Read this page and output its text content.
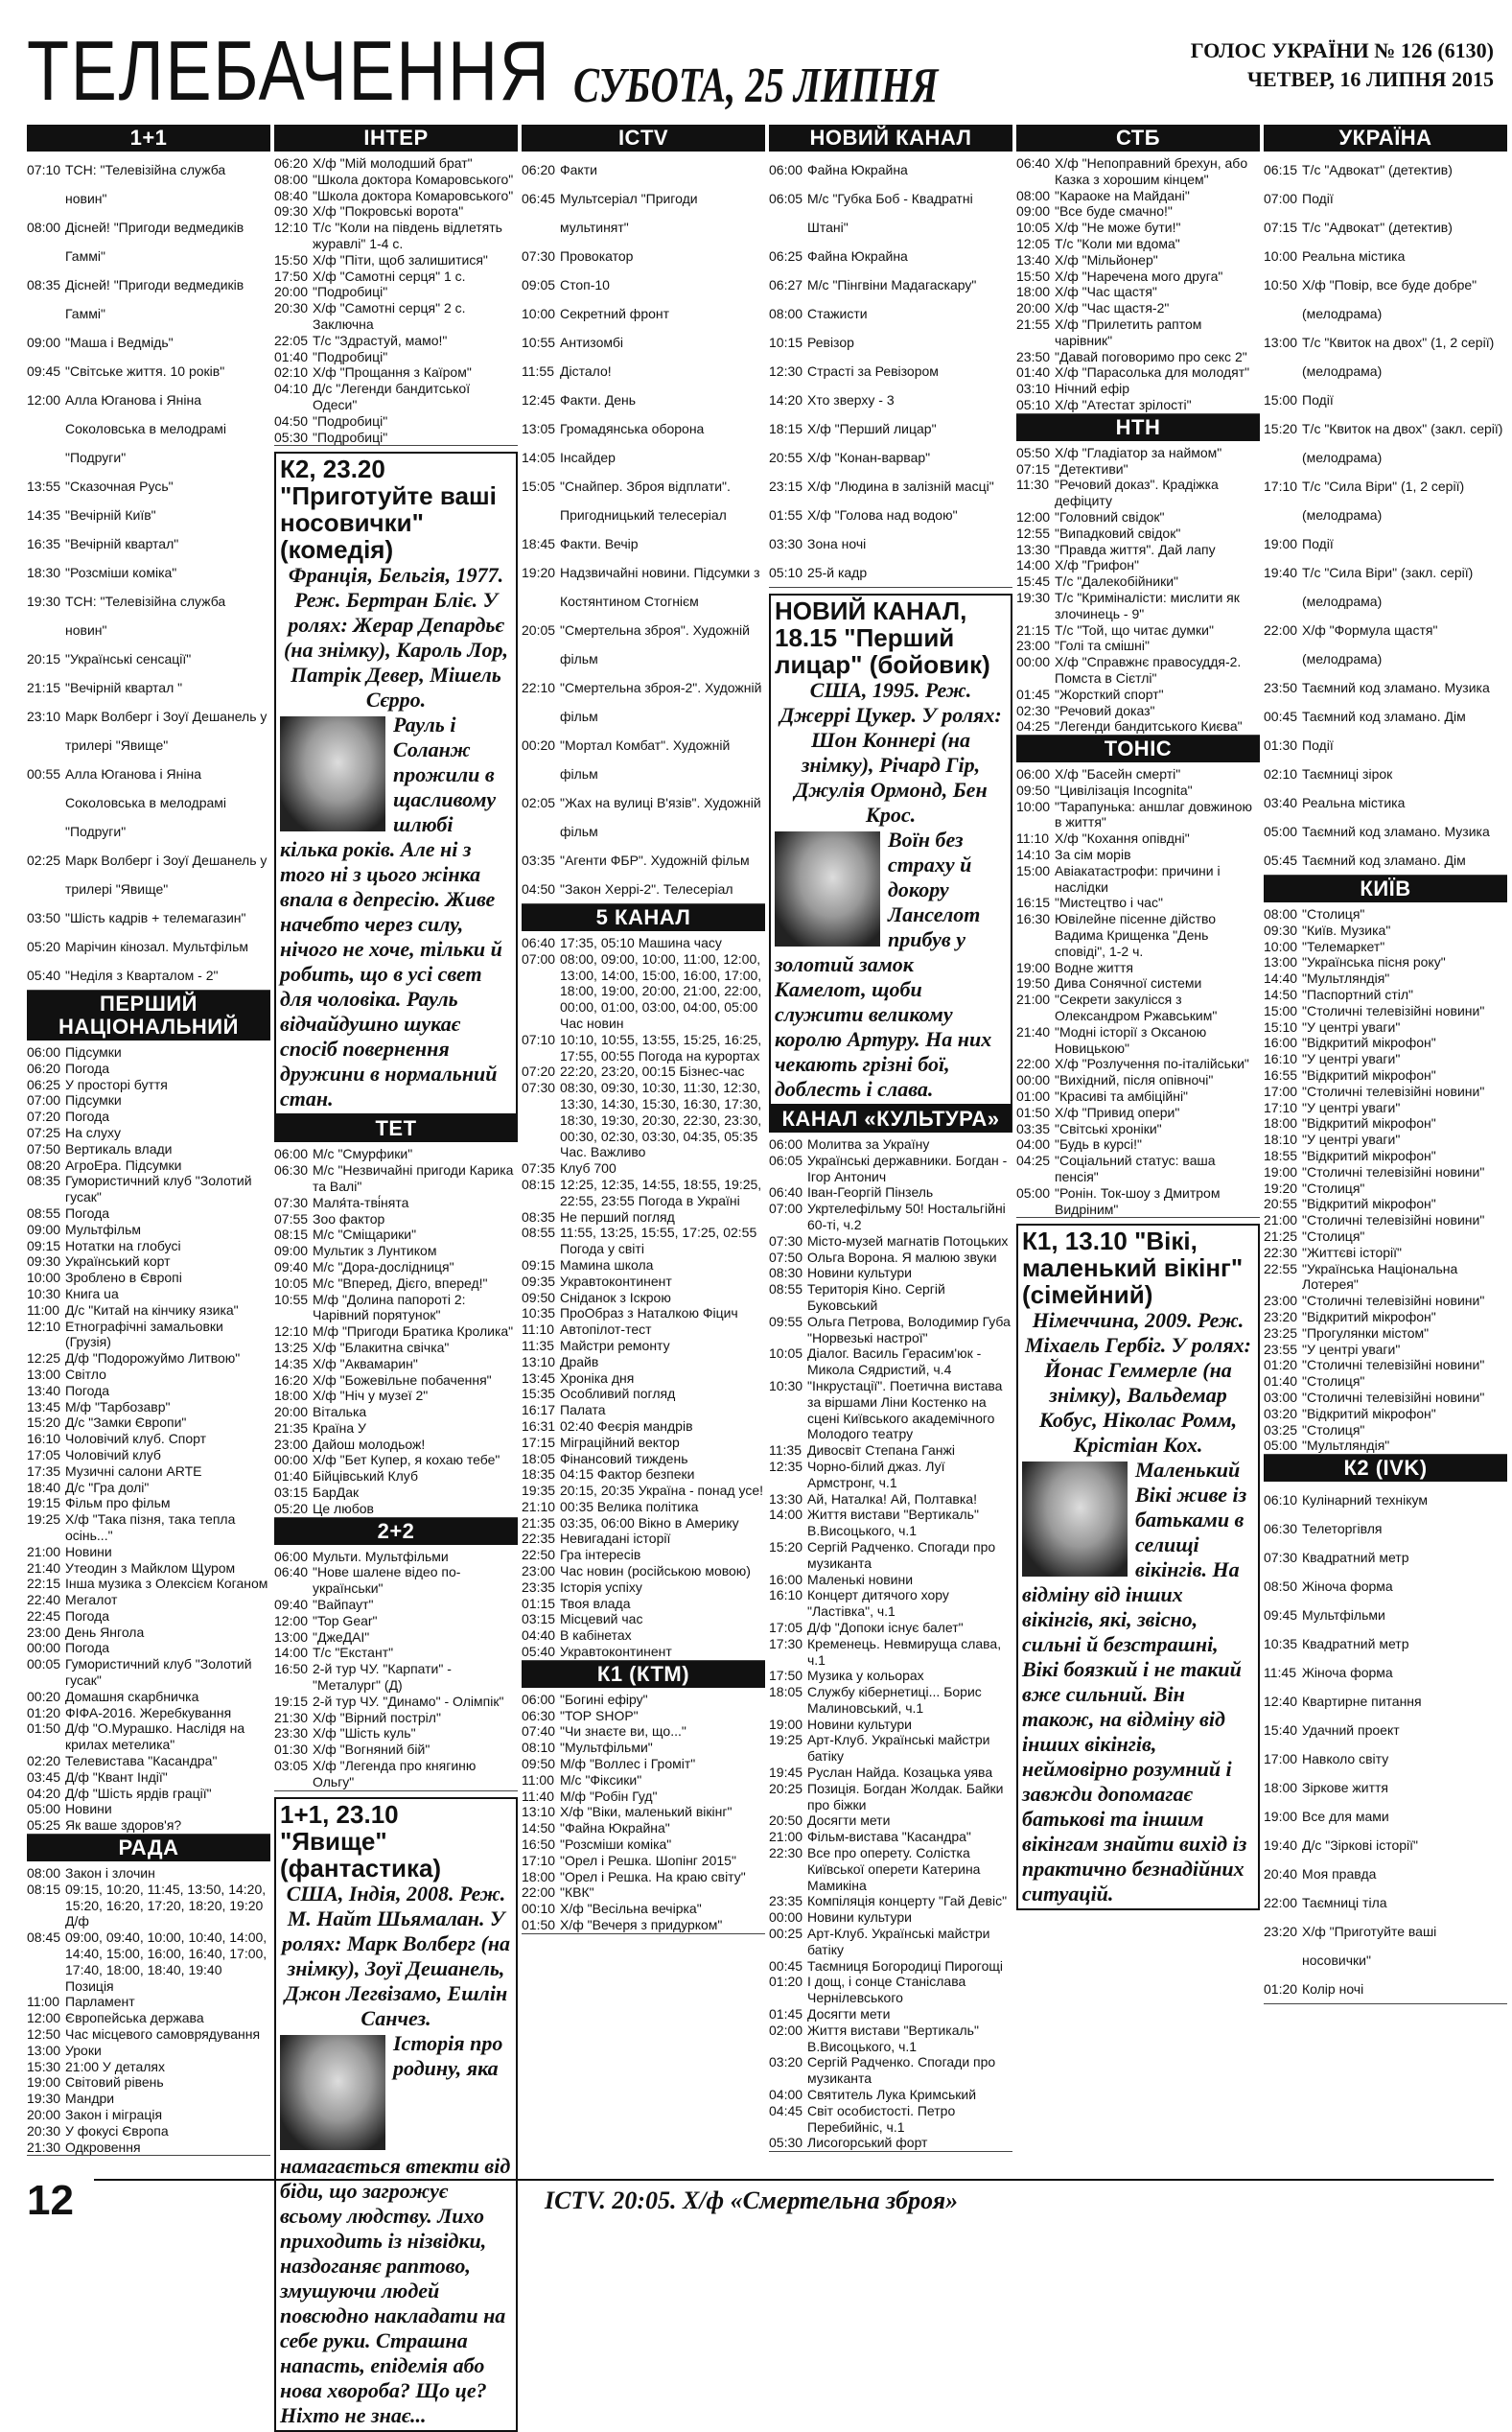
ТЕЛЕБАЧЕННЯ СУБОТА, 25 ЛИПНЯ
ГОЛОС УКРАЇНИ № 126 (6130)
ЧЕТВЕР, 16 ЛИПНЯ 2015
1+1
07:10 ТСН: "Телевізійна служба новин"
08:00 Дісней! "Пригоди ведмедиків Гаммі"
08:35 Дісней! "Пригоди ведмедиків Гаммі"
09:00 "Маша і Ведмідь"
09:45 "Світське життя. 10 років"
12:00 Алла Юганова і Яніна Соколовська в мелодрамі "Подруги"
13:55 "Сказочная Русь"
14:35 "Вечірній Київ"
16:35 "Вечірній квартал"
18:30 "Розсміши коміка"
19:30 ТСН: "Телевізійна служба новин"
20:15 "Українські сенсації"
21:15 "Вечірній квартал "
23:10 Марк Волберг і Зоуї Дешанель у трилері "Явище"
00:55 Алла Юганова і Яніна Соколовська в мелодрамі "Подруги"
02:25 Марк Волберг і Зоуї Дешанель у трилері "Явище"
03:50 "Шість кадрів + телемагазин"
05:20 Марічин кінозал. Мультфільм
05:40 "Неділя з Кварталом - 2"
ПЕРШИЙ НАЦІОНАЛЬНИЙ
06:00 Підсумки
06:20 Погода
06:25 У просторі буття
07:00 Підсумки
07:20 Погода
07:25 На слуху
07:50 Вертикаль влади
08:20 АгроЕра. Підсумки
08:35 Гумористичний клуб "Золотий гусак"
08:55 Погода
09:00 Мультфільм
09:15 Нотатки на глобусі
09:30 Український корт
10:00 Зроблено в Європі
10:30 Книга ua
11:00 Д/с "Китай на кінчику язика"
12:10 Етнографічні замальовки (Грузія)
12:25 Д/ф "Подорожуймо Литвою"
13:00 Світло
13:40 Погода
13:45 М/ф "Тарбозавр"
15:20 Д/с "Замки Європи"
16:10 Чоловічий клуб. Спорт
17:05 Чоловічий клуб
17:35 Музичні салони ARTE
18:40 Д/с "Гра долі"
19:15 Фільм про фільм
19:25 Х/ф "Така пізня, така тепла осінь..."
21:00 Новини
21:40 Утеодин з Майклом Щуром
22:15 Інша музика з Олексієм Коганом
22:40 Мегалот
22:45 Погода
23:00 День Янгола
00:00 Погода
00:05 Гумористичний клуб "Золотий гусак"
00:20 Домашня скарбничка
01:20 ФІФА-2016. Жеребкування
01:50 Д/ф "О.Мурашко. Наслідя на крилах метелика"
02:20 Телевистава "Касандра"
03:45 Д/ф "Квант Індії"
04:20 Д/ф "Шість ярдів грації"
05:00 Новини
05:25 Як ваше здоров'я?
РАДА
08:00 Закон і злочин
08:15 09:15, 10:20, 11:45, 13:50, 14:20, 15:20, 16:20, 17:20, 18:20, 19:20 Д/ф
08:45 09:00, 09:40, 10:00, 10:40, 14:00, 14:40, 15:00, 16:00, 16:40, 17:00, 17:40, 18:00, 18:40, 19:40 Позиція
11:00 Парламент
12:00 Європейська держава
12:50 Час місцевого самоврядування
13:00 Уроки
15:30 21:00 У деталях
19:00 Світовий рівень
19:30 Мандри
20:00 Закон і міграція
20:30 У фокусі Європа
21:30 Одкровення
ІНТЕР
06:20 Х/ф "Мій молодший брат"
08:00 "Школа доктора Комаровського"
08:40 "Школа доктора Комаровського"
09:30 Х/ф "Покровські ворота"
12:10 Т/с "Коли на південь відлетять журавлі" 1-4 с.
15:50 Х/ф "Піти, щоб залишитися"
17:50 Х/ф "Самотні серця" 1 с.
20:00 "Подробиці"
20:30 Х/ф "Самотні серця" 2 с. Заключна
22:05 Т/с "Здрастуй, мамо!"
01:40 "Подробиці"
02:10 Х/ф "Прощання з Каїром"
04:10 Д/с "Легенди бандитської Одеси"
04:50 "Подробиці"
05:30 "Подробиці"
К2, 23.20 "Приготуйте ваші носовички" (комедія)
Франція, Бельгія, 1977. Реж. Бертран Бліє. У ролях: Жерар Депардьє (на знімку), Кароль Лор, Патрік Девер, Мішель Сєрро.
Рауль і Соланж прожили в щасливому шлюбі кілька років. Але ні з того ні з цього жінка впала в депресію. Живе начебто через силу, нічого не хоче, тільки й робить, що в усі свет для чоловіка. Рауль відчайдушно шукає спосіб повернення дружини в нормальний стан.
ТЕТ
06:00 М/с "Смурфики"
06:30 М/с "Незвичайні пригоди Карика та Валі"
07:30 Маля́та-тві́нята
07:55 Зоо фактор
08:15 М/с "Сміщарики"
09:00 Мультик з Лунтиком
09:40 М/с "Дора-дослідниця"
10:05 М/с "Вперед, Дієго, вперед!"
10:55 М/ф "Долина папороті 2: Чарівний порятунок"
12:10 М/ф "Пригоди Братика Кролика"
13:25 Х/ф "Блакитна свічка"
14:35 Х/ф "Аквамарин"
16:20 Х/ф "Божевільне побачення"
18:00 Х/ф "Ніч у музеї 2"
20:00 Віталька
21:35 Країна У
23:00 Дайош молодьож!
00:00 Х/ф "Бет Купер, я кохаю тебе"
01:40 Бійцівський Клуб
03:15 БарДак
05:20 Це любов
2+2
06:00 Мульти. Мультфільми
06:40 "Нове шалене відео по-українськи"
09:40 "Вайпаут"
12:00 "Top Gear"
13:00 "ДжеДАІ"
14:00 Т/с "Екстант"
16:50 2-й тур ЧУ. "Карпати" - "Металург" (Д)
19:15 2-й тур ЧУ. "Динамо" - Олімпік"
21:30 Х/ф "Вірний постріл"
23:30 Х/ф "Шість куль"
01:30 Х/ф "Вогняний бій"
03:05 Х/ф "Легенда про княгиню Ольгу"
1+1, 23.10 "Явище" (фантастика)
США, Індія, 2008. Реж. М. Найт Шьямалан. У ролях: Марк Волберг (на знімку), Зоуї Дешанель, Джон Легвізамо, Ешлін Санчез.
Історія про родину, яка намагається втекти від біди, що загрожує всьому людству. Лихо приходить із нізвідки, наздоганяє раптово, змушуючи людей повсюдно накладати на себе руки. Страшна напасть, епідемія або нова хвороба? Що це? Ніхто не знає...
ICTV
06:20 Факти
06:45 Мультсеріал "Пригоди мультинят"
07:30 Провокатор
09:05 Стоп-10
10:00 Секретний фронт
10:55 Антизомбі
11:55 Дістало!
12:45 Факти. День
13:05 Громадянська оборона
14:05 Інсайдер
15:05 "Снайпер. Зброя відплати". Пригодницький телесеріал
18:45 Факти. Вечір
19:20 Надзвичайні новини. Підсумки з Костянтином Стогнієм
20:05 "Смертельна зброя". Художній фільм
22:10 "Смертельна зброя-2". Художній фільм
00:20 "Мортал Комбат". Художній фільм
02:05 "Жах на вулиці В'язів". Художній фільм
03:35 "Агенти ФБР". Художній фільм
04:50 "Закон Херрі-2". Телесеріал
5 КАНАЛ
06:40 17:35, 05:10 Машина часу
07:00 08:00, 09:00, 10:00, 11:00, 12:00, 13:00, 14:00, 15:00, 16:00, 17:00, 18:00, 19:00, 20:00, 21:00, 22:00, 00:00, 01:00, 03:00, 04:00, 05:00 Час новин
07:10 10:10, 10:55, 13:55, 15:25, 16:25, 17:55, 00:55 Погода на курортах
07:20 22:20, 23:20, 00:15 Бізнес-час
07:30 08:30, 09:30, 10:30, 11:30, 12:30, 13:30, 14:30, 15:30, 16:30, 17:30, 18:30, 19:30, 20:30, 22:30, 23:30, 00:30, 02:30, 03:30, 04:35, 05:35 Час. Важливо
07:35 Клуб 700
08:15 12:25, 12:35, 14:55, 18:55, 19:25, 22:55, 23:55 Погода в Україні
08:35 Не перший погляд
08:55 11:55, 13:25, 15:55, 17:25, 02:55 Погода у світі
09:15 Мамина школа
09:35 Укравтоконтинент
09:50 Сніданок з Іскрою
10:35 ПроОбраз з Наталкою Фіцич
11:10 Автопілот-тест
11:35 Майстри ремонту
13:10 Драйв
13:45 Хроніка дня
15:35 Особливий погляд
16:17 Палата
16:31 02:40 Феєрія мандрів
17:15 Міграційний вектор
18:05 Фінансовий тиждень
18:35 04:15 Фактор безпеки
19:35 20:15, 20:35 Україна - понад усе!
21:10 00:35 Велика політика
21:35 03:35, 06:00 Вікно в Америку
22:35 Невигадані історії
22:50 Гра інтересів
23:00 Час новин (російською мовою)
23:35 Історія успіху
01:15 Твоя влада
03:15 Місцевий час
04:40 В кабінетах
05:40 Укравтоконтинент
К1 (КТМ)
06:00 "Богині ефіру"
06:30 "ТОР SHOP"
07:40 "Чи знаєте ви, що..."
08:10 "Мультфільми"
09:50 М/ф "Воллес і Громіт"
11:00 М/с "Фіксики"
11:40 М/ф "Робін Гуд"
13:10 Х/ф "Віки, маленький вікінг"
14:50 "Файна Юкрайна"
16:50 "Розсміши коміка"
17:10 "Орел і Решка. Шопінг 2015"
18:00 "Орел і Решка. На краю світу"
22:00 "КВК"
00:10 Х/ф "Весільна вечірка"
01:50 Х/ф "Вечеря з придурком"
НОВИЙ КАНАЛ
06:00 Файна Юкрайна
06:05 М/с "Губка Боб - Квадратні Штані"
06:25 Файна Юкрайна
06:27 М/с "Пінгвіни Мадагаскару"
08:00 Стажисти
10:15 Ревізор
12:30 Страсті за Ревізором
14:20 Хто зверху - 3
18:15 Х/ф "Перший лицар"
20:55 Х/ф "Конан-варвар"
23:15 Х/ф "Людина в залізній масці"
01:55 Х/ф "Голова над водою"
03:30 Зона ночі
05:10 25-й кадр
НОВИЙ КАНАЛ, 18.15 "Перший лицар" (бойовик)
США, 1995. Реж. Джеррі Цукер. У ролях: Шон Коннері (на знімку), Річард Гір, Джулія Ормонд, Бен Крос.
Воїн без страху й докору Ланселот прибув у золотий замок Камелот, щоби служити великому королю Артуру. На них чекають грізні бої, доблесть і слава.
КАНАЛ «КУЛЬТУРА»
06:00 Молитва за Україну
06:05 Українські державники. Богдан - Ігор Антонич
06:40 Іван-Георгій Пінзель
07:00 Укртелефільму 50! Ностальгійні 60-ті, ч.2
07:30 Місто-музей магнатів Потоцьких
07:50 Ольга Ворона. Я малюю звуки
08:30 Новини культури
08:55 Територія Кіно. Сергій Буковський
09:55 Ольга Петрова, Володимир Губа "Норвезькі настрої"
10:05 Діалог. Василь Герасим'юк - Микола Сядристий, ч.4
10:30 "Інкрустації". Поетична вистава за віршами Ліни Костенко на сцені Київського академічного Молодого театру
11:35 Дивосвіт Степана Ганжі
12:35 Чорно-білий джаз. Луї Армстронг, ч.1
13:30 Ай, Наталка! Ай, Полтавка!
14:00 Життя вистави "Вертикаль" В.Висоцького, ч.1
15:20 Сергій Радченко. Спогади про музиканта
16:00 Маленькі новини
16:10 Концерт дитячого хору "Ластівка", ч.1
17:05 Д/ф "Допоки існує балет"
17:30 Кременець. Невмируща слава, ч.1
17:50 Музика у кольорах
18:05 Службу кібернетиці... Борис Малиновський, ч.1
19:00 Новини культури
19:25 Арт-Клуб. Українські майстри батіку
19:45 Руслан Найда. Козацька уява
20:25 Позиція. Богдан Жолдак. Байки про біжки
20:50 Досягти мети
21:00 Фільм-вистава "Касандра"
22:30 Все про оперету. Солістка Київської оперети Катерина Мамикіна
23:35 Компіляція концерту "Гай Девіс"
00:00 Новини культури
00:25 Арт-Клуб. Українські майстри батіку
00:45 Таємниця Богородиці Пирогощі
01:20 І дощ, і сонце Станіслава Чернілевського
01:45 Досягти мети
02:00 Життя вистави "Вертикаль" В.Висоцького, ч.1
03:20 Сергій Радченко. Спогади про музиканта
04:00 Святитель Лука Кримський
04:45 Світ особистості. Петро Перебийніс, ч.1
05:30 Лисогорський форт
СТБ
06:40 Х/ф "Непоправний брехун, або Казка з хорошим кінцем"
08:00 "Караоке на Майдані"
09:00 "Все буде смачно!"
10:05 Х/ф "Не може бути!"
12:05 Т/с "Коли ми вдома"
13:40 Х/ф "Мільйонер"
15:50 Х/ф "Наречена мого друга"
18:00 Х/ф "Час щастя"
20:00 Х/ф "Час щастя-2"
21:55 Х/ф "Прилетить раптом чарівник"
23:50 "Давай поговоримо про секс 2"
01:40 Х/ф "Парасолька для молодят"
03:10 Нічний ефір
05:10 Х/ф "Атестат зрілості"
НТН
05:50 Х/ф "Гладіатор за наймом"
07:15 "Детективи"
11:30 "Речовий доказ". Крадіжка дефіциту
12:00 "Головний свідок"
12:55 "Випадковий свідок"
13:30 "Правда життя". Дай лапу
14:00 Х/ф "Грифон"
15:45 Т/с "Далекобійники"
19:30 Т/с "Криміналісти: мислити як злочинець - 9"
21:15 Т/с "Той, що читає думки"
23:00 "Голі та смішні"
00:00 Х/ф "Справжнє правосуддя-2. Помста в Сієтлі"
01:45 "Жорсткий спорт"
02:30 "Речовий доказ"
04:25 "Легенди бандитського Києва"
ТОНІС
06:00 Х/ф "Басейн смерті"
09:50 "Цивілізація Incognita"
10:00 "Тарапунька: аншлаг довжиною в життя"
11:10 Х/ф "Кохання опівдні"
14:10 За сім морів
15:00 Авіакатастрофи: причини і наслідки
16:15 "Мистецтво і час"
16:30 Ювілейне пісенне дійство Вадима Крищенка "День сповіді", 1-2 ч.
19:00 Водне життя
19:50 Дива Сонячної системи
21:00 "Секрети закулісся з Олександром Ржавським"
21:40 "Модні історії з Оксаною Новицькою"
22:00 Х/ф "Розлучення по-італійськи"
00:00 "Вихідний, після опівночі"
01:00 "Красиві та амбіційні"
01:50 Х/ф "Привид опери"
03:35 "Світські хроніки"
04:00 "Будь в курсі!"
04:25 "Соціальний статус: ваша пенсія"
05:00 "Ронін. Ток-шоу з Дмитром Видріним"
К1, 13.10 "Вікі, маленький вікінг" (сімейний)
Німеччина, 2009. Реж. Міхаель Гербіг. У ролях: Йонас Геммерле (на знімку), Вальдемар Кобус, Ніколас Ромм, Крістіан Кох.
Маленький Вікі живе із батьками в селищі вікінгів. На відміну від інших вікінгів, які, звісно, сильні й безстрашні, Вікі боязкий і не такий вже сильний. Він також, на відміну від інших вікінгів, неймовірно розумний і завжди допомагає батькові та іншим вікінгам знайти вихід із практично безнадійних ситуацій.
УКРАЇНА
06:15 Т/с "Адвокат" (детектив)
07:00 Події
07:15 Т/с "Адвокат" (детектив)
10:00 Реальна містика
10:50 Х/ф "Повір, все буде добре" (мелодрама)
13:00 Т/с "Квиток на двох" (1, 2 серії) (мелодрама)
15:00 Події
15:20 Т/с "Квиток на двох" (закл. серії) (мелодрама)
17:10 Т/с "Сила Віри" (1, 2 серії) (мелодрама)
19:00 Події
19:40 Т/с "Сила Віри" (закл. серії) (мелодрама)
22:00 Х/ф "Формула щастя" (мелодрама)
23:50 Таємний код зламано. Музика
00:45 Таємний код зламано. Дім
01:30 Події
02:10 Таємниці зірок
03:40 Реальна містика
05:00 Таємний код зламано. Музика
05:45 Таємний код зламано. Дім
КИЇВ
08:00 "Столиця"
09:30 "Київ. Музика"
10:00 "Телемаркет"
13:00 "Українська пісня року"
14:40 "Мультляндія"
14:50 "Паспортний стіл"
15:00 "Столичні телевізійні новини"
15:10 "У центрі уваги"
16:00 "Відкритий мікрофон"
16:10 "У центрі уваги"
16:55 "Відкритий мікрофон"
17:00 "Столичні телевізійні новини"
17:10 "У центрі уваги"
18:00 "Відкритий мікрофон"
18:10 "У центрі уваги"
18:55 "Відкритий мікрофон"
19:00 "Столичні телевізійні новини"
19:20 "Столиця"
20:55 "Відкритий мікрофон"
21:00 "Столичні телевізійні новини"
21:25 "Столиця"
22:30 "Життєві історії"
22:55 "Українська Національна Лотерея"
23:00 "Столичні телевізійні новини"
23:20 "Відкритий мікрофон"
23:25 "Прогулянки містом"
23:55 "У центрі уваги"
01:20 "Столичні телевізійні новини"
01:40 "Столиця"
03:00 "Столичні телевізійні новини"
03:20 "Відкритий мікрофон"
03:25 "Столиця"
05:00 "Мультляндія"
К2 (IVK)
06:10 Кулінарний технікум
06:30 Телеторгівля
07:30 Квадратний метр
08:50 Жіноча форма
09:45 Мультфільми
10:35 Квадратний метр
11:45 Жіноча форма
12:40 Квартирне питання
15:40 Удачний проект
17:00 Навколо світу
18:00 Зіркове життя
19:00 Все для мами
19:40 Д/с "Зіркові історії"
20:40 Моя правда
22:00 Таємниці тіла
23:20 Х/ф "Приготуйте ваші носовички"
01:20 Колір ночі
12	ICTV. 20:05. Х/ф «Смертельна зброя»
